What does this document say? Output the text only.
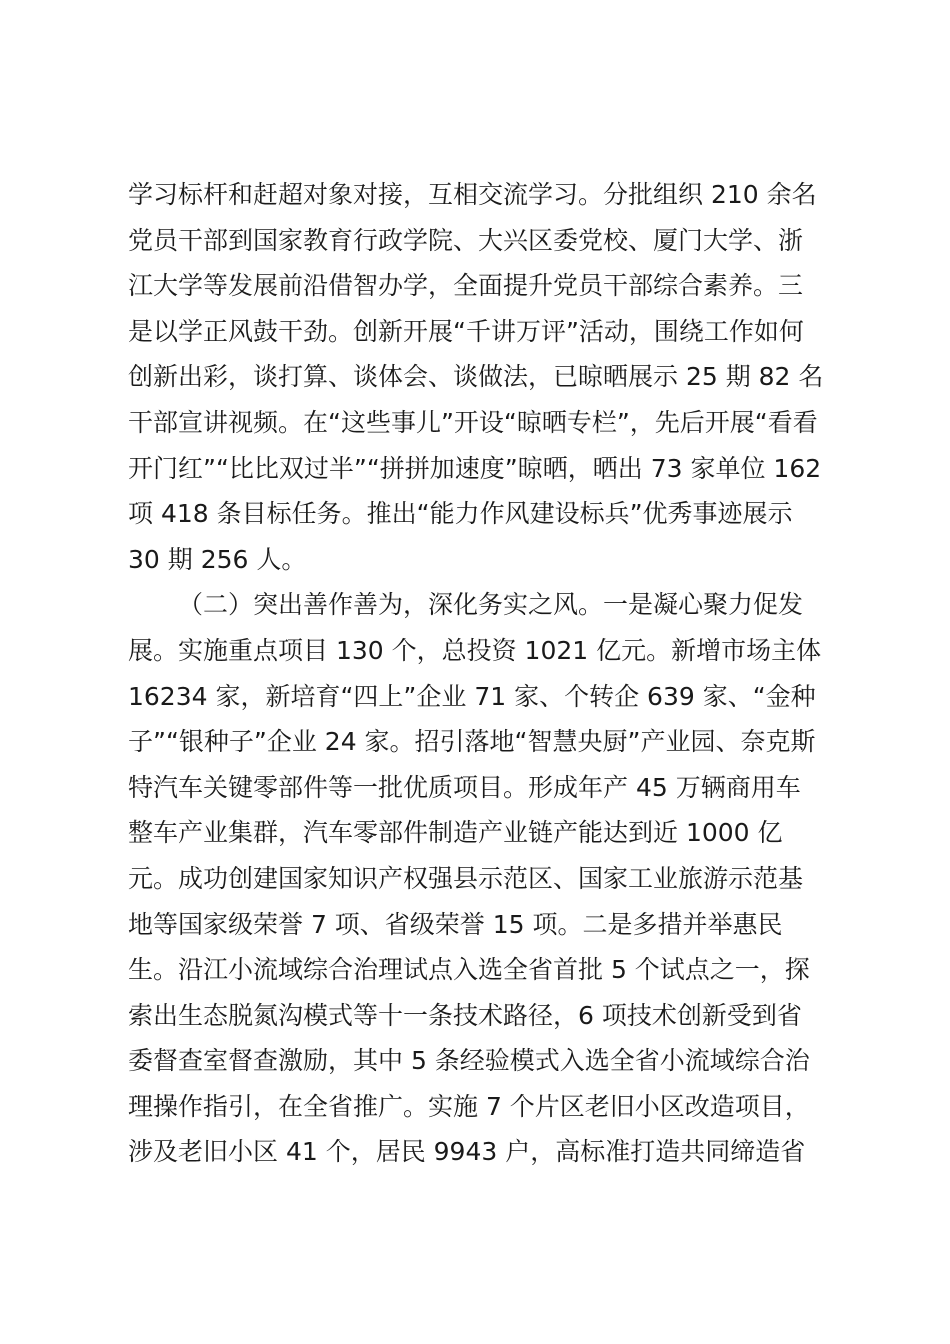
学习标杆和赶超对象对接，互相交流学习。分批组织 210 余名
党员干部到国家教育行政学院、大兴区委党校、厦门大学、浙
江大学等发展前沿借智办学，全面提升党员干部综合素养。三
是以学正风鼓干劲。创新开展“千讲万评”活动，围绕工作如何
创新出彩，谈打算、谈体会、谈做法，已晾晒展示 25 期 82 名
干部宣讲视频。在“这些事儿”开设“晾晒专栏”，先后开展“看看
开门红”“比比双过半”“拼拼加速度”晾晒，晒出 73 家单位 162
项 418 条目标任务。推出“能力作风建设标兵”优秀事迹展示
30 期 256 人。
（二）突出善作善为，深化务实之风。一是凝心聚力促发
展。实施重点项目 130 个，总投资 1021 亿元。新增市场主体
16234 家，新培育“四上”企业 71 家、个转企 639 家、“金种
子”“银种子”企业 24 家。招引落地“智慧央厨”产业园、奈克斯
特汽车关键零部件等一批优质项目。形成年产 45 万辆商用车
整车产业集群，汽车零部件制造产业链产能达到近 1000 亿
元。成功创建国家知识产权强县示范区、国家工业旅游示范基
地等国家级荣誉 7 项、省级荣誉 15 项。二是多措并举惠民
生。沿江小流域综合治理试点入选全省首批 5 个试点之一，探
索出生态脱氮沟模式等十一条技术路径，6 项技术创新受到省
委督查室督查激励，其中 5 条经验模式入选全省小流域综合治
理操作指引，在全省推广。实施 7 个片区老旧小区改造项目，
涉及老旧小区 41 个，居民 9943 户，高标准打造共同缔造省
